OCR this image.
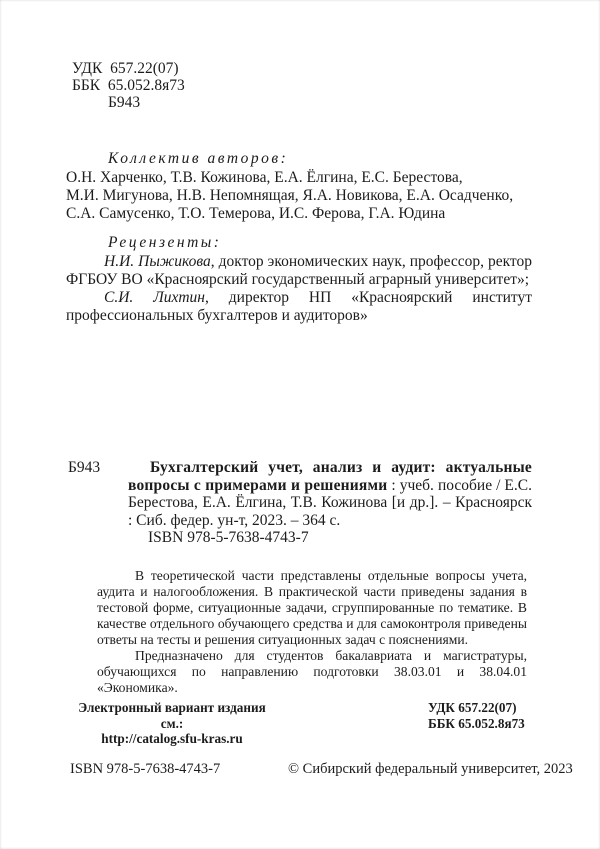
УДК  657.22(07)
ББК  65.052.8я73
Б943
Коллектив авторов:
О.Н. Харченко, Т.В. Кожинова, Е.А. Ёлгина, Е.С. Берестова,
М.И. Мигунова, Н.В. Непомнящая, Я.А. Новикова, Е.А. Осадченко,
С.А. Самусенко, Т.О. Темерова, И.С. Ферова, Г.А. Юдина
Рецензенты:

Н.И. Пыжикова, доктор экономических наук, профессор, ректор ФГБОУ ВО «Красноярский государственный аграрный университет»;

С.И. Лихтин, директор НП «Красноярский институт профессиональных бухгалтеров и аудиторов»

Б943	Бухгалтерский учет, анализ и аудит: актуальные вопросы с примерами и решениями : учеб. пособие / Е.С. Берестова, Е.А. Ёлгина, Т.В. Кожинова [и др.]. – Красноярск : Сиб. федер. ун-т, 2023. – 364 с.

ISBN 978-5-7638-4743-7

В теоретической части представлены отдельные вопросы учета, аудита и налогообложения. В практической части приведены задания в тестовой форме, ситуационные задачи, сгруппированные по тематике. В качестве отдельного обучающего средства и для самоконтроля приведены ответы на тесты и решения ситуационных задач с пояснениями.

Предназначено для студентов бакалавриата и магистратуры, обучающихся по направлению подготовки 38.03.01 и 38.04.01 «Экономика».

Электронный вариант издания см.:
http://catalog.sfu-kras.ru
УДК 657.22(07)
ББК 65.052.8я73
ISBN 978-5-7638-4743-7	© Сибирский федеральный университет, 2023
